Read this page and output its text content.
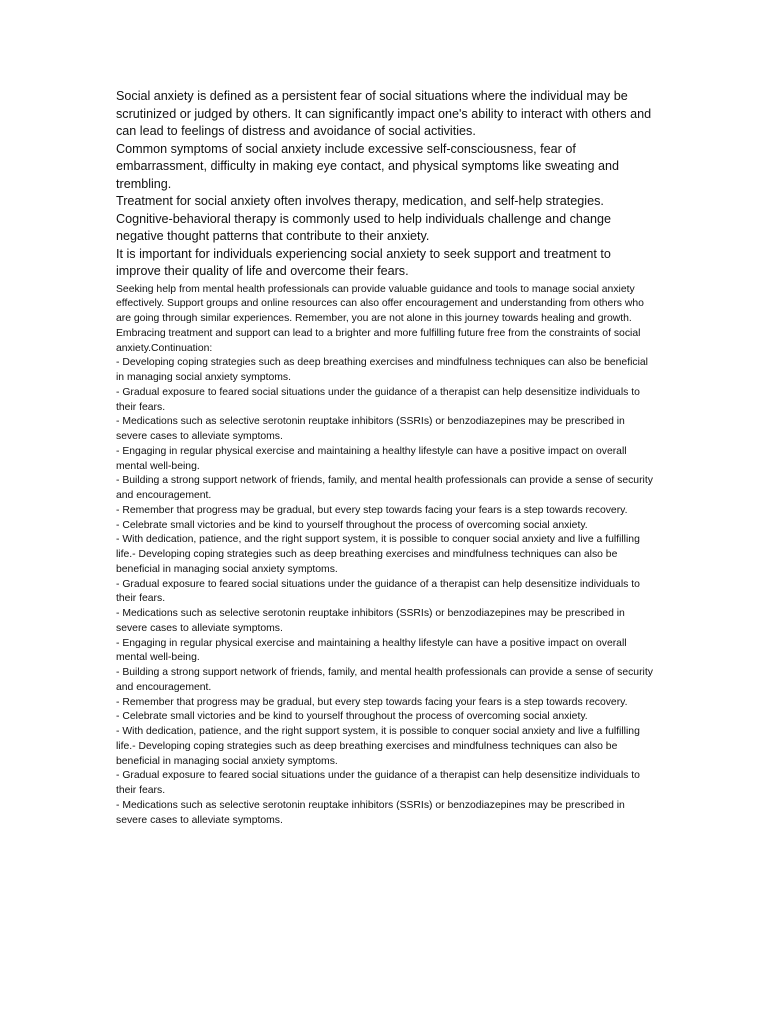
Social anxiety is defined as a persistent fear of social situations where the individual may be scrutinized or judged by others. It can significantly impact one's ability to interact with others and can lead to feelings of distress and avoidance of social activities.

Common symptoms of social anxiety include excessive self-consciousness, fear of embarrassment, difficulty in making eye contact, and physical symptoms like sweating and trembling.

Treatment for social anxiety often involves therapy, medication, and self-help strategies. Cognitive-behavioral therapy is commonly used to help individuals challenge and change negative thought patterns that contribute to their anxiety.

It is important for individuals experiencing social anxiety to seek support and treatment to improve their quality of life and overcome their fears.

Seeking help from mental health professionals can provide valuable guidance and tools to manage social anxiety effectively. Support groups and online resources can also offer encouragement and understanding from others who are going through similar experiences. Remember, you are not alone in this journey towards healing and growth. Embracing treatment and support can lead to a brighter and more fulfilling future free from the constraints of social anxiety.Continuation:

- Developing coping strategies such as deep breathing exercises and mindfulness techniques can also be beneficial in managing social anxiety symptoms.

- Gradual exposure to feared social situations under the guidance of a therapist can help desensitize individuals to their fears.

- Medications such as selective serotonin reuptake inhibitors (SSRIs) or benzodiazepines may be prescribed in severe cases to alleviate symptoms.

- Engaging in regular physical exercise and maintaining a healthy lifestyle can have a positive impact on overall mental well-being.

- Building a strong support network of friends, family, and mental health professionals can provide a sense of security and encouragement.

- Remember that progress may be gradual, but every step towards facing your fears is a step towards recovery.

- Celebrate small victories and be kind to yourself throughout the process of overcoming social anxiety.

- With dedication, patience, and the right support system, it is possible to conquer social anxiety and live a fulfilling life.- Developing coping strategies such as deep breathing exercises and mindfulness techniques can also be beneficial in managing social anxiety symptoms.

- Gradual exposure to feared social situations under the guidance of a therapist can help desensitize individuals to their fears.

- Medications such as selective serotonin reuptake inhibitors (SSRIs) or benzodiazepines may be prescribed in severe cases to alleviate symptoms.

- Engaging in regular physical exercise and maintaining a healthy lifestyle can have a positive impact on overall mental well-being.

- Building a strong support network of friends, family, and mental health professionals can provide a sense of security and encouragement.

- Remember that progress may be gradual, but every step towards facing your fears is a step towards recovery.

- Celebrate small victories and be kind to yourself throughout the process of overcoming social anxiety.

- With dedication, patience, and the right support system, it is possible to conquer social anxiety and live a fulfilling life.- Developing coping strategies such as deep breathing exercises and mindfulness techniques can also be beneficial in managing social anxiety symptoms.

- Gradual exposure to feared social situations under the guidance of a therapist can help desensitize individuals to their fears.

- Medications such as selective serotonin reuptake inhibitors (SSRIs) or benzodiazepines may be prescribed in severe cases to alleviate symptoms.
